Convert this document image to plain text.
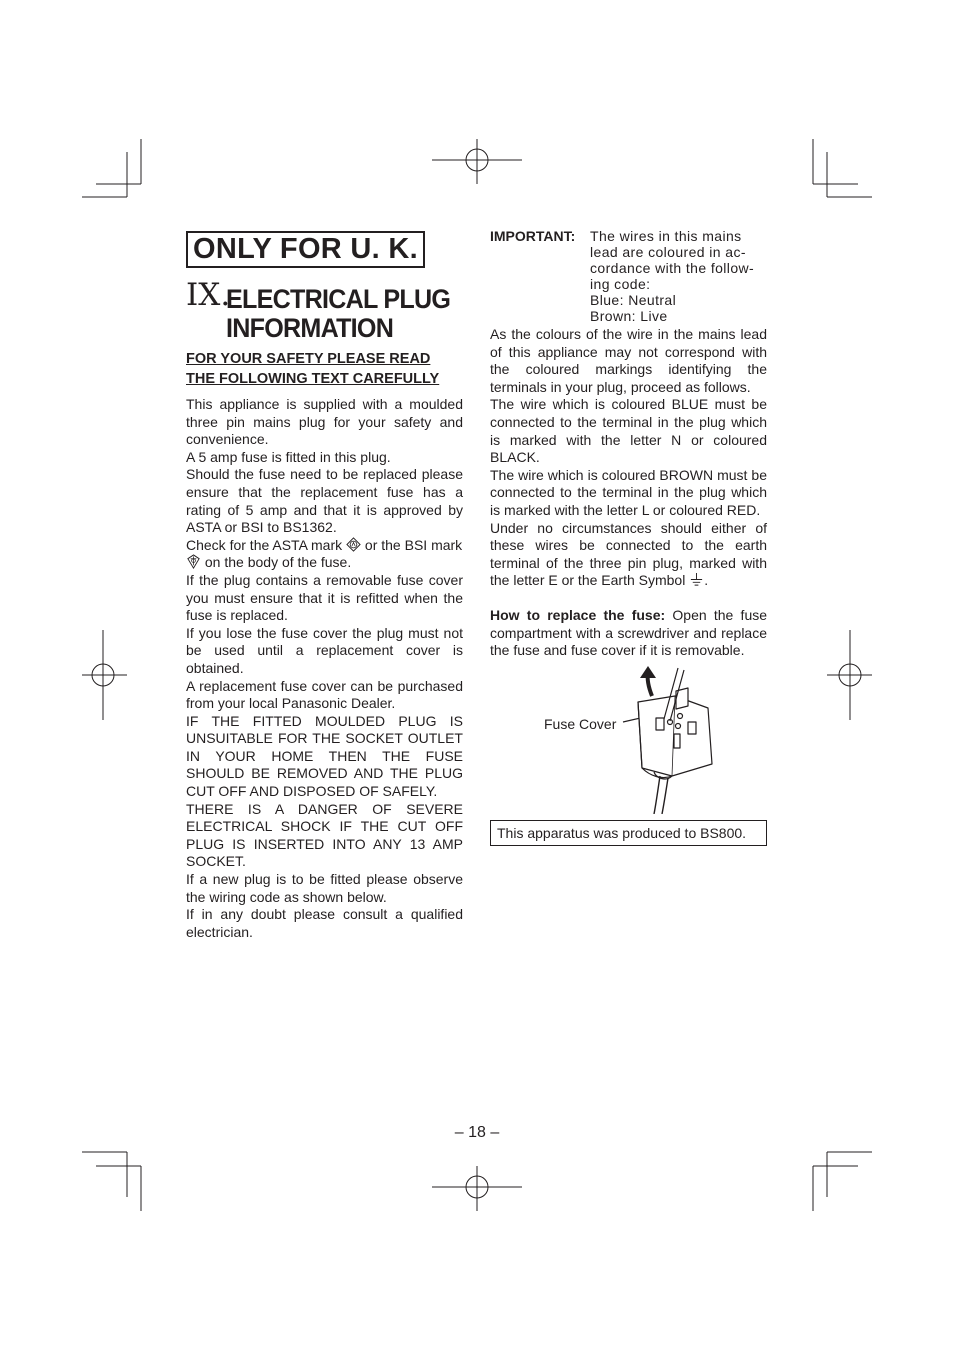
ONLY FOR U. K.
IX.
ELECTRICAL PLUG
INFORMATION
FOR YOUR SAFETY PLEASE READ
THE FOLLOWING TEXT CAREFULLY

This appliance is supplied with a moulded three pin mains plug for your safety and convenience.

A 5 amp fuse is fitted in this plug.

Should the fuse need to be replaced please ensure that the replacement fuse has a rating of 5 amp and that it is approved by ASTA or BSI to BS1362.

Check for the ASTA mark or the BSI mark
on the body of the fuse.

If the plug contains a removable fuse cover you must ensure that it is refitted when the fuse is replaced.

If you lose the fuse cover the plug must not be used until a replacement cover is obtained.

A replacement fuse cover can be purchased from your local Panasonic Dealer.

IF THE FITTED MOULDED PLUG IS UNSUITABLE FOR THE SOCKET OUTLET IN YOUR HOME THEN THE FUSE SHOULD BE REMOVED AND THE PLUG CUT OFF AND DISPOSED OF SAFELY.

THERE IS A DANGER OF SEVERE ELECTRICAL SHOCK IF THE CUT OFF PLUG IS INSERTED INTO ANY 13 AMP SOCKET.

If a new plug is to be fitted please observe the wiring code as shown below.

If in any doubt please consult a qualified electrician.

IMPORTANT:	The wires in this mains
lead are coloured in ac-
cordance with the follow-
ing code:
Blue: Neutral
Brown: Live

As the colours of the wire in the mains lead of this appliance may not correspond with the coloured markings identifying the terminals in your plug, proceed as follows.

The wire which is coloured BLUE must be connected to the terminal in the plug which is marked with the letter N or coloured BLACK.

The wire which is coloured BROWN must be connected to the terminal in the plug which is marked with the letter L or coloured RED.

Under no circumstances should either of these wires be connected to the earth terminal of the three pin plug, marked with the letter E or the Earth Symbol .

How to replace the fuse: Open the fuse compartment with a screwdriver and replace the fuse and fuse cover if it is removable.

Fuse Cover
This apparatus was produced to BS800.
– 18 –
